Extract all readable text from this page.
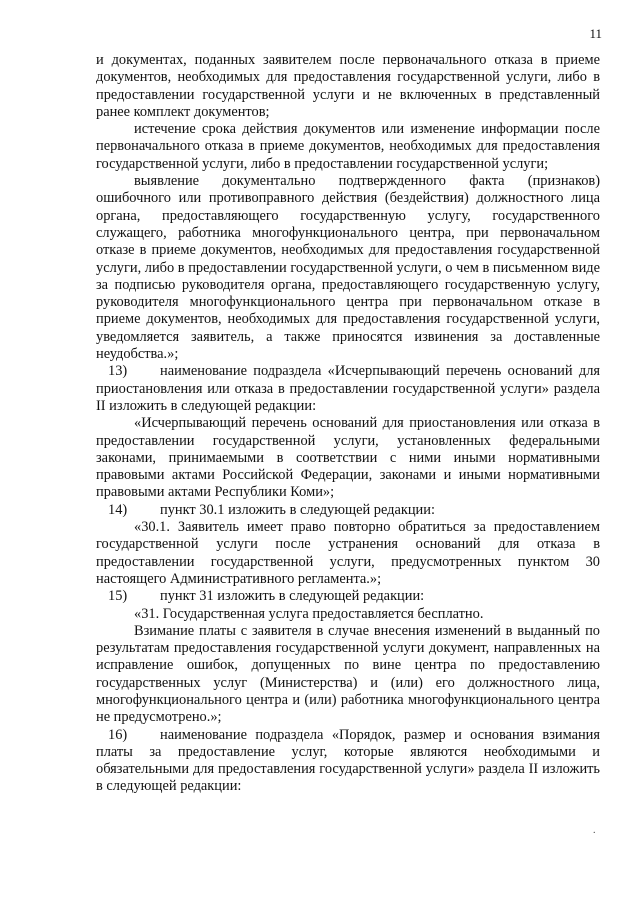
11

и документах, поданных заявителем после первоначального отказа в приеме документов, необходимых для предоставления государственной услуги, либо в предоставлении государственной услуги и не включенных в представленный ранее комплект документов;

истечение срока действия документов или изменение информации после первоначального отказа в приеме документов, необходимых для предоставления государственной услуги, либо в предоставлении государственной услуги;

выявление документально подтвержденного факта (признаков) ошибочного или противоправного действия (бездействия) должностного лица органа, предоставляющего государственную услугу, государственного служащего, работника многофункционального центра, при первоначальном отказе в приеме документов, необходимых для предоставления государственной услуги, либо в предоставлении государственной услуги, о чем в письменном виде за подписью руководителя органа, предоставляющего государственную услугу, руководителя многофункционального центра при первоначальном отказе в приеме документов, необходимых для предоставления государственной услуги, уведомляется заявитель, а также приносятся извинения за доставленные неудобства.»;

13) наименование подраздела «Исчерпывающий перечень оснований для приостановления или отказа в предоставлении государственной услуги» раздела II изложить в следующей редакции:

«Исчерпывающий перечень оснований для приостановления или отказа в предоставлении государственной услуги, установленных федеральными законами, принимаемыми в соответствии с ними иными нормативными правовыми актами Российской Федерации, законами и иными нормативными правовыми актами Республики Коми»;

14) пункт 30.1 изложить в следующей редакции:

«30.1. Заявитель имеет право повторно обратиться за предоставлением государственной услуги после устранения оснований для отказа в предоставлении государственной услуги, предусмотренных пунктом 30 настоящего Административного регламента.»;

15) пункт 31 изложить в следующей редакции:

«31. Государственная услуга предоставляется бесплатно.

Взимание платы с заявителя в случае внесения изменений в выданный по результатам предоставления государственной услуги документ, направленных на исправление ошибок, допущенных по вине центра по предоставлению государственных услуг (Министерства) и (или) его должностного лица, многофункционального центра и (или) работника многофункционального центра не предусмотрено.»;

16) наименование подраздела «Порядок, размер и основания взимания платы за предоставление услуг, которые являются необходимыми и обязательными для предоставления государственной услуги» раздела II изложить в следующей редакции:

.
